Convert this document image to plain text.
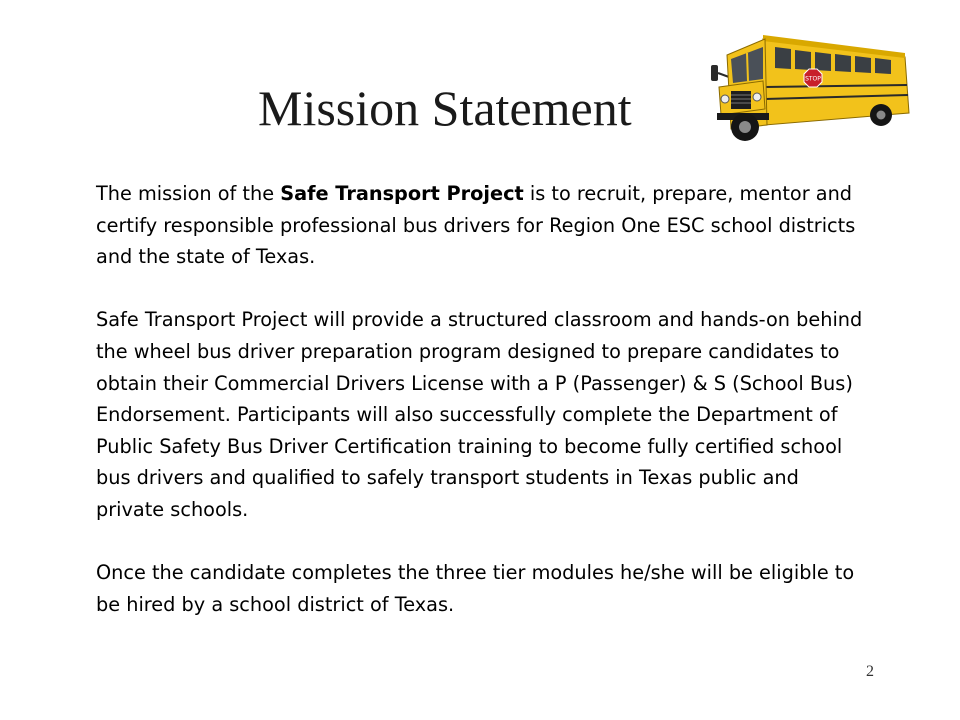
Mission Statement
STOP

The mission of the Safe Transport Project is to recruit, prepare, mentor and certify responsible professional bus drivers for Region One ESC school districts and the state of Texas.

Safe Transport Project will provide a structured classroom and hands-on behind the wheel bus driver preparation program designed to prepare candidates to obtain their Commercial Drivers License with a P (Passenger) & S (School Bus) Endorsement. Participants will also successfully complete the Department of Public Safety Bus Driver Certification training to become fully certified school bus drivers and qualified to safely transport students in Texas public and private schools.

Once the candidate completes the three tier modules he/she will be eligible to be hired by a school district of Texas.

2
